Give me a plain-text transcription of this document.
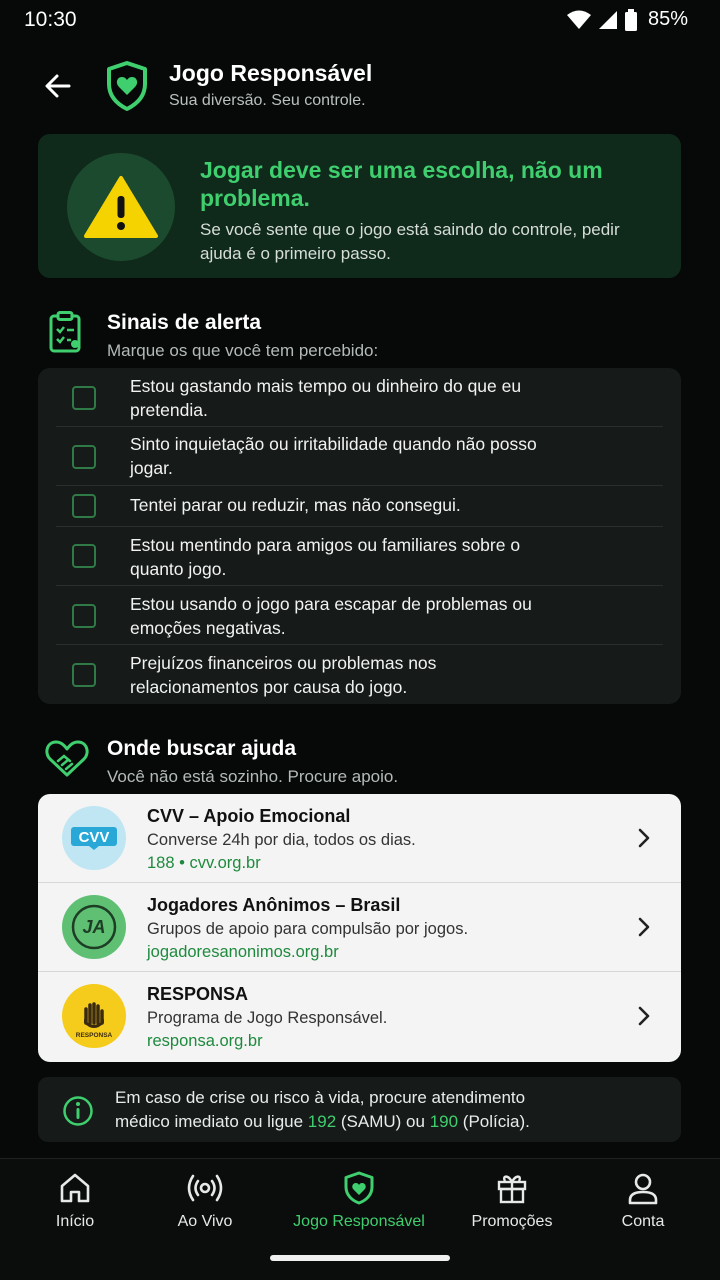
10:30	85%
Jogo Responsável
Sua diversão. Seu controle.
Jogar deve ser uma escolha, não um problema.
Se você sente que o jogo está saindo do controle, pedir ajuda é o primeiro passo.
Sinais de alerta
Marque os que você tem percebido:
Estou gastando mais tempo ou dinheiro do que eu pretendia.
Sinto inquietação ou irritabilidade quando não posso jogar.
Tentei parar ou reduzir, mas não consegui.
Estou mentindo para amigos ou familiares sobre o quanto jogo.
Estou usando o jogo para escapar de problemas ou emoções negativas.
Prejuízos financeiros ou problemas nos relacionamentos por causa do jogo.
Onde buscar ajuda
Você não está sozinho. Procure apoio.
CVV
CVV – Apoio Emocional
Converse 24h por dia, todos os dias.
188 • cvv.org.br
JA
Jogadores Anônimos – Brasil
Grupos de apoio para compulsão por jogos.
jogadoresanonimos.org.br
RESPONSA
RESPONSA
Programa de Jogo Responsável.
responsa.org.br
Em caso de crise ou risco à vida, procure atendimento
médico imediato ou ligue 192 (SAMU) ou 190 (Polícia).
Início	Ao Vivo	Jogo Responsável	Promoções	Conta
